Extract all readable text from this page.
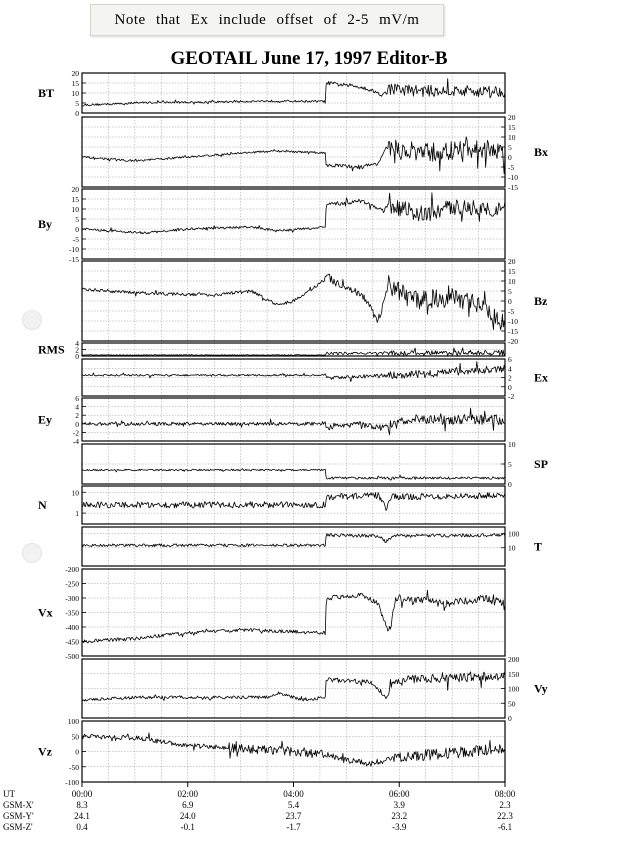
Note that Ex include offset of 2-5 mV/m
GEOTAIL June 17, 1997 Editor-B
20
15
10
5
0
BT
20
15
10
5
0
-5
-10
-15
Bx
20
15
10
5
0
-5
-10
-15
By
20
15
10
5
0
-5
-10
-15
-20
Bz
4
2
0
RMS
6
4
2
0
-2
Ex
6
4
2
0
-2
-4
Ey
10
5
0
SP
10
1
N
100
10 T
-200
-250
-300
-350
-400
-450
-500
Vx
200
150
100
50
0
Vy
100
50
0
-50
-100
Vz
UT
GSM-X'
GSM-Y'
GSM-Z'
00:00
8.3
24.1
0.4
02:00
6.9
24.0
-0.1
04:00
5.4
23.7
-1.7
06:00
3.9
23.2
-3.9
08:00
2.3
22.3
-6.1
